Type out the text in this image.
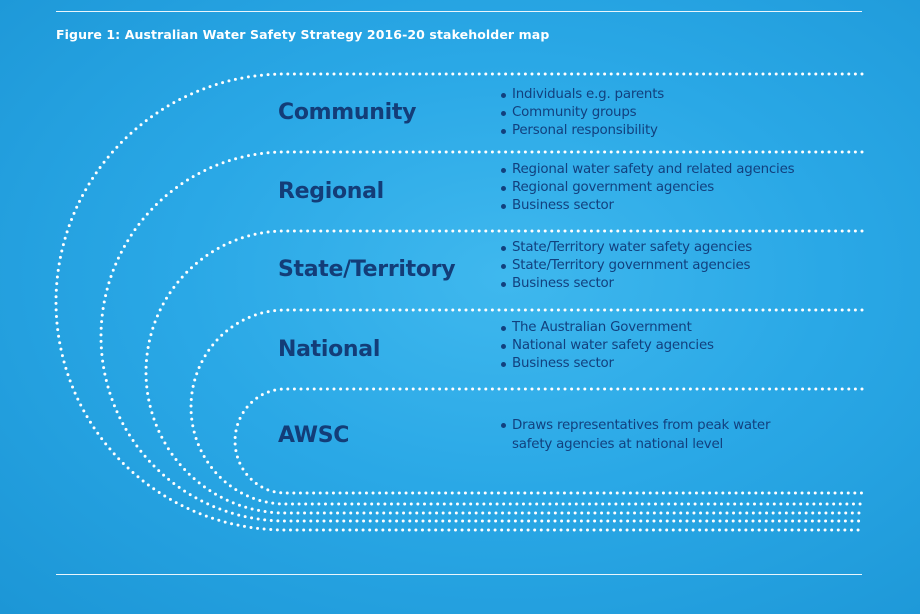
Figure 1: Australian Water Safety Strategy 2016-20 stakeholder map
Community
Individuals e.g. parents
Community groups
Personal responsibility
Regional
Regional water safety and related agencies
Regional government agencies
Business sector
State/Territory
State/Territory water safety agencies
State/Territory government agencies
Business sector
National
The Australian Government
National water safety agencies
Business sector
AWSC	Draws representatives from peak water safety agencies at national level
